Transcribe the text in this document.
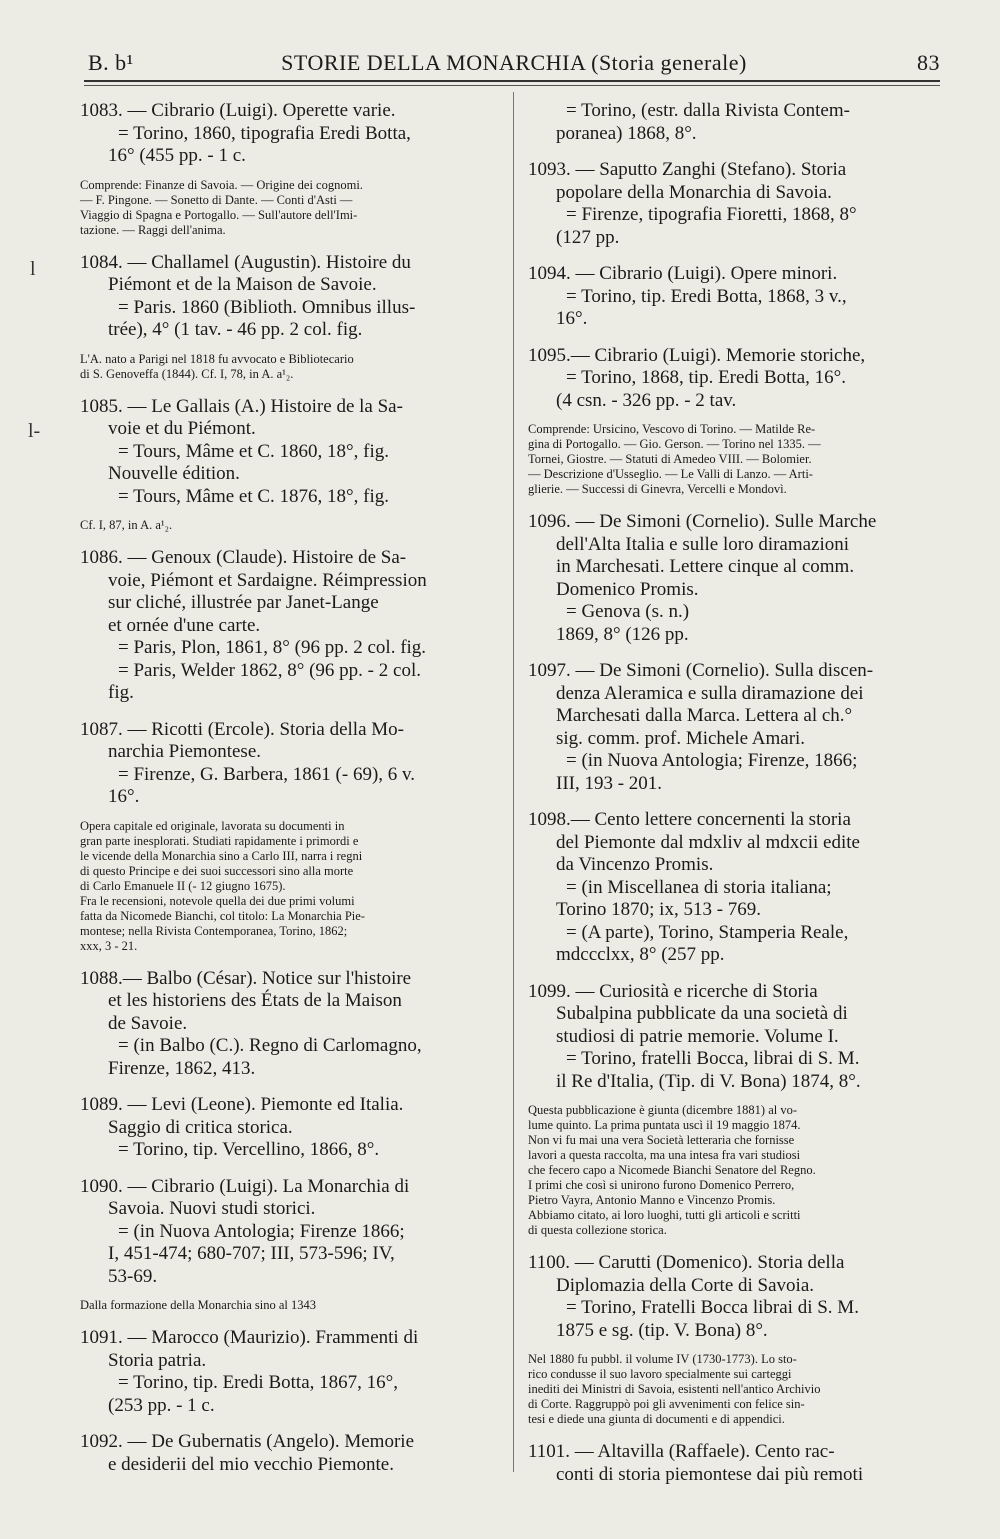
B. b¹	STORIE DELLA MONARCHIA (Storia generale)	83
l
l-

1083. — Cibrario (Luigi). Operette varie.

= Torino, 1860, tipografia Eredi Botta,

16° (455 pp. - 1 c.

Comprende: Finanze di Savoia. — Origine dei cognomi.

— F. Pingone. — Sonetto di Dante. — Conti d'Asti —

Viaggio di Spagna e Portogallo. — Sull'autore dell'Imi-

tazione. — Raggi dell'anima.

1084. — Challamel (Augustin). Histoire du

Piémont et de la Maison de Savoie.

= Paris. 1860 (Biblioth. Omnibus illus-

trée), 4° (1 tav. - 46 pp. 2 col. fig.

L'A. nato a Parigi nel 1818 fu avvocato e Bibliotecario

di S. Genoveffa (1844). Cf. I, 78, in A. a¹₂.

1085. — Le Gallais (A.) Histoire de la Sa-

voie et du Piémont.

= Tours, Mâme et C. 1860, 18°, fig.

Nouvelle édition.

= Tours, Mâme et C. 1876, 18°, fig.

Cf. I, 87, in A. a¹₂.

1086. — Genoux (Claude). Histoire de Sa-

voie, Piémont et Sardaigne. Réimpression

sur cliché, illustrée par Janet-Lange

et ornée d'une carte.

= Paris, Plon, 1861, 8° (96 pp. 2 col. fig.

= Paris, Welder 1862, 8° (96 pp. - 2 col.

fig.

1087. — Ricotti (Ercole). Storia della Mo-

narchia Piemontese.

= Firenze, G. Barbera, 1861 (- 69), 6 v.

16°.

Opera capitale ed originale, lavorata su documenti in

gran parte inesplorati. Studiati rapidamente i primordi e

le vicende della Monarchia sino a Carlo III, narra i regni

di questo Principe e dei suoi successori sino alla morte

di Carlo Emanuele II (- 12 giugno 1675).

Fra le recensioni, notevole quella dei due primi volumi

fatta da Nicomede Bianchi, col titolo: La Monarchia Pie-

montese; nella Rivista Contemporanea, Torino, 1862;

xxx, 3 - 21.

1088.— Balbo (César). Notice sur l'histoire

et les historiens des États de la Maison

de Savoie.

= (in Balbo (C.). Regno di Carlomagno,

Firenze, 1862, 413.

1089. — Levi (Leone). Piemonte ed Italia.

Saggio di critica storica.

= Torino, tip. Vercellino, 1866, 8°.

1090. — Cibrario (Luigi). La Monarchia di

Savoia. Nuovi studi storici.

= (in Nuova Antologia; Firenze 1866;

I, 451-474; 680-707; III, 573-596; IV,

53-69.

Dalla formazione della Monarchia sino al 1343

1091. — Marocco (Maurizio). Frammenti di

Storia patria.

= Torino, tip. Eredi Botta, 1867, 16°,

(253 pp. - 1 c.

1092. — De Gubernatis (Angelo). Memorie

e desiderii del mio vecchio Piemonte.

= Torino, (estr. dalla Rivista Contem-

poranea) 1868, 8°.

1093. — Saputto Zanghi (Stefano). Storia

popolare della Monarchia di Savoia.

= Firenze, tipografia Fioretti, 1868, 8°

(127 pp.

1094. — Cibrario (Luigi). Opere minori.

= Torino, tip. Eredi Botta, 1868, 3 v.,

16°.

1095.— Cibrario (Luigi). Memorie storiche,

= Torino, 1868, tip. Eredi Botta, 16°.

(4 csn. - 326 pp. - 2 tav.

Comprende: Ursicino, Vescovo di Torino. — Matilde Re-

gina di Portogallo. — Gio. Gerson. — Torino nel 1335. —

Tornei, Giostre. — Statuti di Amedeo VIII. — Bolomier.

— Descrizione d'Usseglio. — Le Valli di Lanzo. — Arti-

glierie. — Successi di Ginevra, Vercelli e Mondovì.

1096. — De Simoni (Cornelio). Sulle Marche

dell'Alta Italia e sulle loro diramazioni

in Marchesati. Lettere cinque al comm.

Domenico Promis.

= Genova (s. n.)

1869, 8° (126 pp.

1097. — De Simoni (Cornelio). Sulla discen-

denza Aleramica e sulla diramazione dei

Marchesati dalla Marca. Lettera al ch.°

sig. comm. prof. Michele Amari.

= (in Nuova Antologia; Firenze, 1866;

III, 193 - 201.

1098.— Cento lettere concernenti la storia

del Piemonte dal mdxliv al mdxcii edite

da Vincenzo Promis.

= (in Miscellanea di storia italiana;

Torino 1870; ix, 513 - 769.

= (A parte), Torino, Stamperia Reale,

mdccclxx, 8° (257 pp.

1099. — Curiosità e ricerche di Storia

Subalpina pubblicate da una società di

studiosi di patrie memorie. Volume I.

= Torino, fratelli Bocca, librai di S. M.

il Re d'Italia, (Tip. di V. Bona) 1874, 8°.

Questa pubblicazione è giunta (dicembre 1881) al vo-

lume quinto. La prima puntata uscì il 19 maggio 1874.

Non vi fu mai una vera Società letteraria che fornisse

lavori a questa raccolta, ma una intesa fra vari studiosi

che fecero capo a Nicomede Bianchi Senatore del Regno.

I primi che così si unirono furono Domenico Perrero,

Pietro Vayra, Antonio Manno e Vincenzo Promis.

Abbiamo citato, ai loro luoghi, tutti gli articoli e scritti

di questa collezione storica.

1100. — Carutti (Domenico). Storia della

Diplomazia della Corte di Savoia.

= Torino, Fratelli Bocca librai di S. M.

1875 e sg. (tip. V. Bona) 8°.

Nel 1880 fu pubbl. il volume IV (1730-1773). Lo sto-

rico condusse il suo lavoro specialmente sui carteggi

inediti dei Ministri di Savoia, esistenti nell'antico Archivio

di Corte. Raggruppò poi gli avvenimenti con felice sin-

tesi e diede una giunta di documenti e di appendici.

1101. — Altavilla (Raffaele). Cento rac-

conti di storia piemontese dai più remoti
